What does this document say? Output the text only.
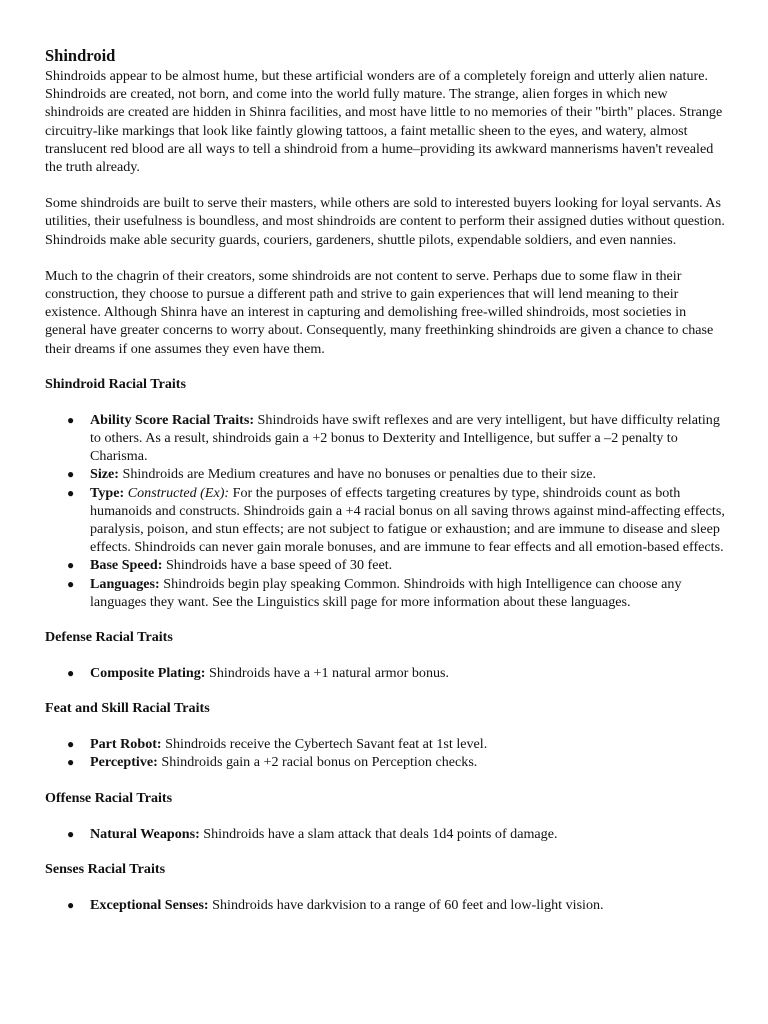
Shindroid

Shindroids appear to be almost hume, but these artificial wonders are of a completely foreign and utterly alien nature. Shindroids are created, not born, and come into the world fully mature. The strange, alien forges in which new shindroids are created are hidden in Shinra facilities, and most have little to no memories of their "birth" places. Strange circuitry-like markings that look like faintly glowing tattoos, a faint metallic sheen to the eyes, and watery, almost translucent red blood are all ways to tell a shindroid from a hume–providing its awkward mannerisms haven't revealed the truth already.

Some shindroids are built to serve their masters, while others are sold to interested buyers looking for loyal servants. As utilities, their usefulness is boundless, and most shindroids are content to perform their assigned duties without question. Shindroids make able security guards, couriers, gardeners, shuttle pilots, expendable soldiers, and even nannies.

Much to the chagrin of their creators, some shindroids are not content to serve. Perhaps due to some flaw in their construction, they choose to pursue a different path and strive to gain experiences that will lend meaning to their existence. Although Shinra have an interest in capturing and demolishing free-willed shindroids, most societies in general have greater concerns to worry about. Consequently, many freethinking shindroids are given a chance to chase their dreams if one assumes they even have them.

Shindroid Racial Traits
● Ability Score Racial Traits: Shindroids have swift reflexes and are very intelligent, but have difficulty relating to others. As a result, shindroids gain a +2 bonus to Dexterity and Intelligence, but suffer a –2 penalty to Charisma.
● Size: Shindroids are Medium creatures and have no bonuses or penalties due to their size.
● Type: Constructed (Ex): For the purposes of effects targeting creatures by type, shindroids count as both humanoids and constructs. Shindroids gain a +4 racial bonus on all saving throws against mind-affecting effects, paralysis, poison, and stun effects; are not subject to fatigue or exhaustion; and are immune to disease and sleep effects. Shindroids can never gain morale bonuses, and are immune to fear effects and all emotion-based effects.
● Base Speed: Shindroids have a base speed of 30 feet.
● Languages: Shindroids begin play speaking Common. Shindroids with high Intelligence can choose any languages they want. See the Linguistics skill page for more information about these languages.
Defense Racial Traits
● Composite Plating: Shindroids have a +1 natural armor bonus.
Feat and Skill Racial Traits
● Part Robot: Shindroids receive the Cybertech Savant feat at 1st level.
● Perceptive: Shindroids gain a +2 racial bonus on Perception checks.
Offense Racial Traits
● Natural Weapons: Shindroids have a slam attack that deals 1d4 points of damage.
Senses Racial Traits
● Exceptional Senses: Shindroids have darkvision to a range of 60 feet and low-light vision.
